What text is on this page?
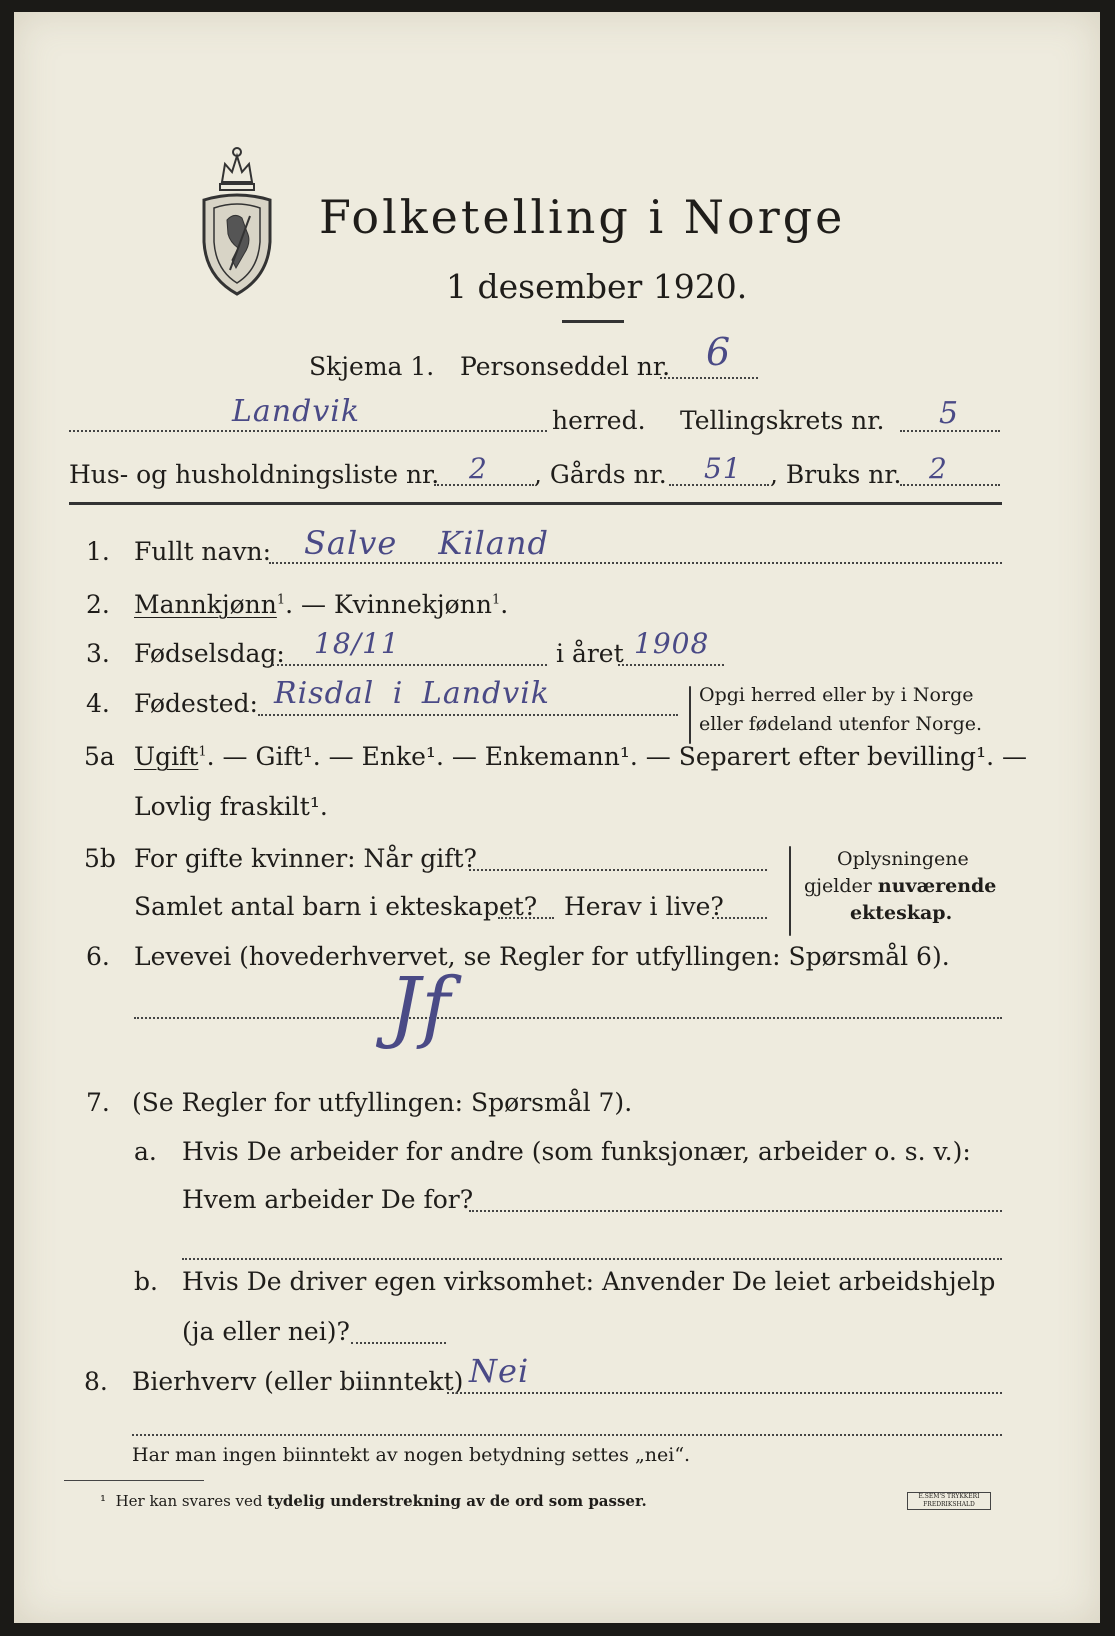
Folketelling i Norge
1 desember 1920.
Skjema 1. Personseddel nr. 6
Landvik	herred. Tellingskrets nr. 5
Hus- og husholdningsliste nr. 2 , Gårds nr. 51 , Bruks nr. 2
1. Fullt navn: Salve Kiland
2. Mannkjønn$^1$. — Kvinnekjønn$^1$.
3. Fødselsdag: 18/11	i året 1908
4. Fødested: Risdal i Landvik	Opgi herred eller by i Norge
eller fødeland utenfor Norge.
5a Ugift$^1$. — Gift¹. — Enke¹. — Enkemann¹. — Separert efter bevilling¹. —
Lovlig fraskilt¹.
5b For gifte kvinner: Når gift?
Samlet antal barn i ekteskapet? Herav i live?
Oplysningene
gjelder nuværende
ekteskap.
6. Levevei (hovederhvervet, se Regler for utfyllingen: Spørsmål 6).
Jf
7. (Se Regler for utfyllingen: Spørsmål 7).
a. Hvis De arbeider for andre (som funksjonær, arbeider o. s. v.):
Hvem arbeider De for?
b. Hvis De driver egen virksomhet: Anvender De leiet arbeidshjelp
(ja eller nei)?
8. Bierhverv (eller biinntekt) Nei
Har man ingen biinntekt av nogen betydning settes „nei“.
¹ Her kan svares ved tydelig understrekning av de ord som passer.	E.SEM'S TRYKKERI FREDRIKSHALD
